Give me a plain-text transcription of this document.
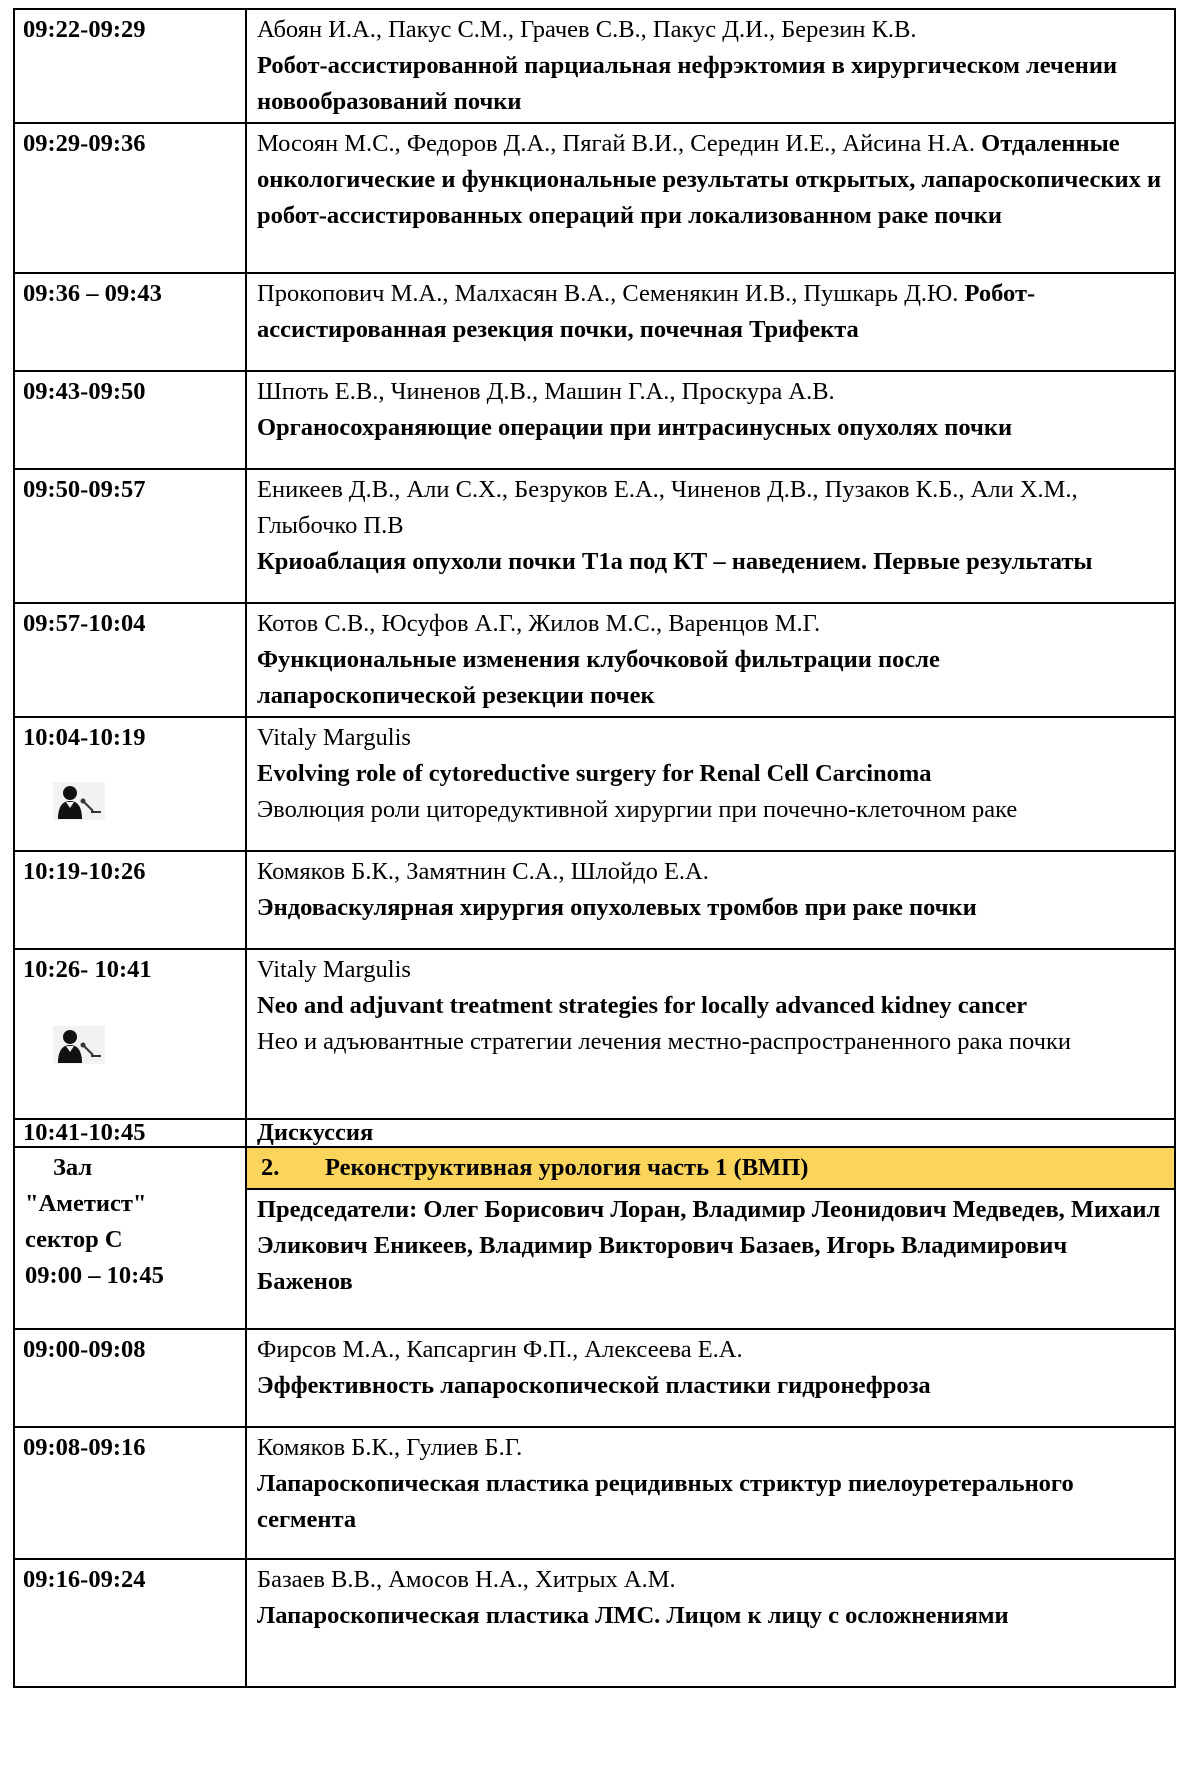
09:22-09:29	Абоян И.А., Пакус С.М., Грачев С.В., Пакус Д.И., Березин К.В.
Робот-ассистированной парциальная нефрэктомия в хирургическом лечении новообразований почки

09:29-09:36	Мосоян М.С., Федоров Д.А., Пягай В.И., Середин И.Е., Айсина Н.А. Отдаленные онкологические и функциональные результаты открытых, лапароскопических и робот-ассистированных операций при локализованном раке почки
09:36 – 09:43	Прокопович М.А., Малхасян В.А., Семенякин И.В., Пушкарь Д.Ю. Робот-ассистированная резекция почки, почечная Трифекта
09:43-09:50	Шпоть Е.В., Чиненов Д.В., Машин Г.А., Проскура А.В.
Органосохраняющие операции при интрасинусных опухолях почки

09:50-09:57	Еникеев Д.В., Али С.Х., Безруков Е.А., Чиненов Д.В., Пузаков К.Б., Али Х.М., Глыбочко П.В
Криоаблация опухоли почки T1a под КТ – наведением. Первые результаты

09:57-10:04	Котов С.В., Юсуфов А.Г., Жилов М.С., Варенцов М.Г.
Функциональные изменения клубочковой фильтрации после лапароскопической резекции почек

10:04-10:19	Vitaly Margulis
Evolving role of cytoreductive surgery for Renal Cell Carcinoma
Эволюция роли циторедуктивной хирургии при почечно-клеточном раке

10:19-10:26	Комяков Б.К., Замятнин С.А., Шлойдо Е.А.
Эндоваскулярная хирургия опухолевых тромбов при раке почки

10:26- 10:41	Vitaly Margulis
Neo and adjuvant treatment strategies for locally advanced kidney cancer
Нео и адъювантные стратегии лечения местно-распространенного рака почки

10:41-10:45	Дискуссия

Зал
"Аметист"
сектор С
09:00 – 10:45	2. Реконструктивная урология часть 1 (ВМП)
	Председатели: Олег Борисович Лоран, Владимир Леонидович Медведев, Михаил Эликович Еникеев, Владимир Викторович Базаев, Игорь Владимирович Баженов
09:00-09:08	Фирсов М.А., Капсаргин Ф.П., Алексеева Е.А.
Эффективность лапароскопической пластики гидронефроза

09:08-09:16	Комяков Б.К., Гулиев Б.Г.
Лапароскопическая пластика рецидивных стриктур пиелоуретерального сегмента

09:16-09:24	Базаев В.В., Амосов Н.А., Хитрых А.М.
Лапароскопическая пластика ЛМС. Лицом к лицу с осложнениями
